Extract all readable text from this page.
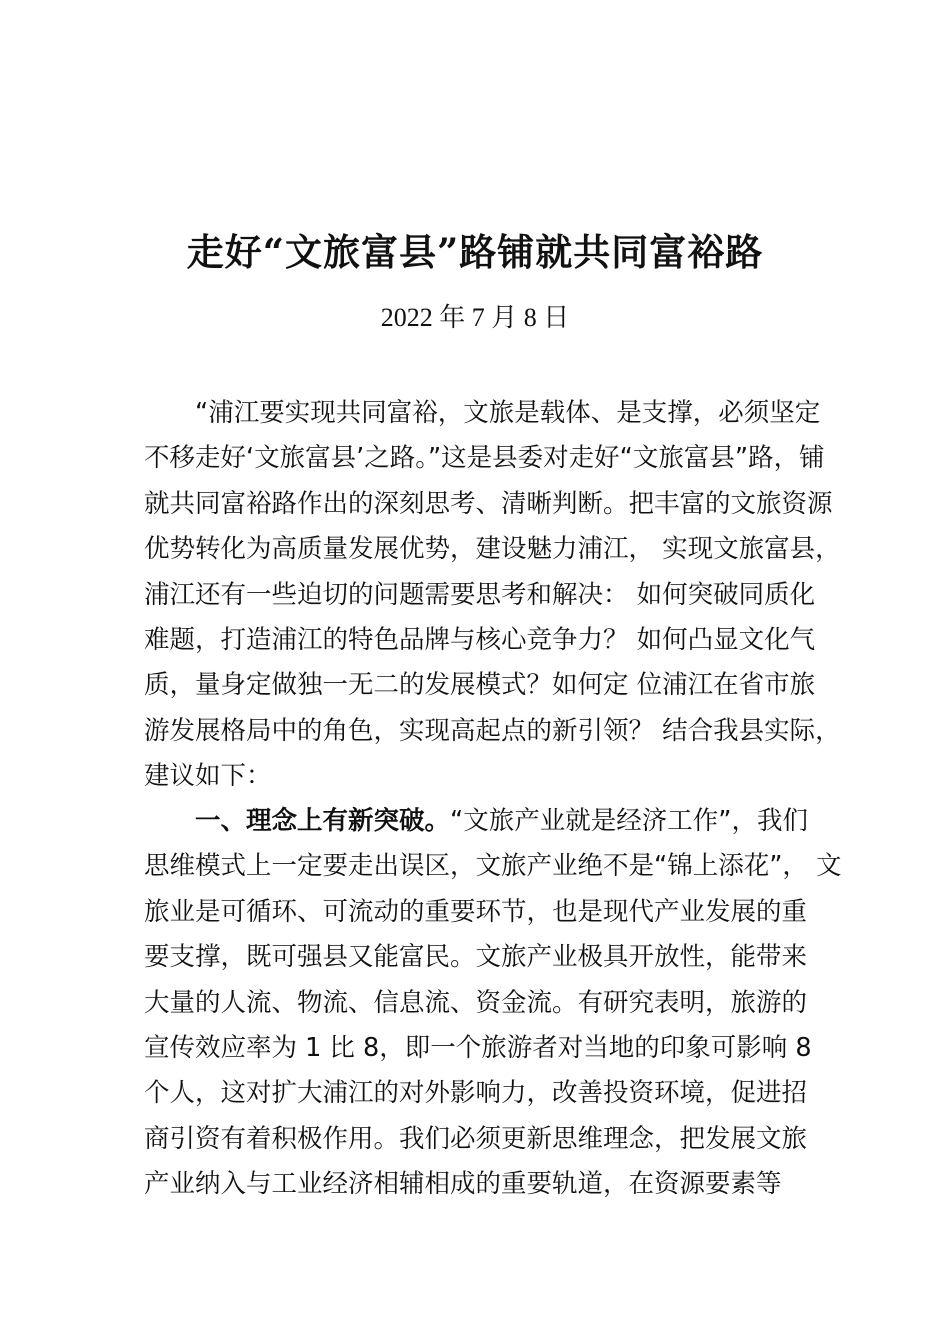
走好“文旅富县”路铺就共同富裕路
2022 年 7 月 8 日
“浦江要实现共同富裕，文旅是载体、是支撑，必须坚定
不移走好‘文旅富县’之路。”这是县委对走好“文旅富县”路，铺
就共同富裕路作出的深刻思考、清晰判断。把丰富的文旅资源
优势转化为高质量发展优势，建设魅力浦江， 实现文旅富县，
浦江还有一些迫切的问题需要思考和解决： 如何突破同质化
难题，打造浦江的特色品牌与核心竞争力？ 如何凸显文化气
质，量身定做独一无二的发展模式？如何定 位浦江在省市旅
游发展格局中的角色，实现高起点的新引领？ 结合我县实际，
建议如下：
一、理念上有新突破。“文旅产业就是经济工作”，我们
思维模式上一定要走出误区，文旅产业绝不是“锦上添花”， 文
旅业是可循环、可流动的重要环节，也是现代产业发展的重
要支撑，既可强县又能富民。文旅产业极具开放性，能带来
大量的人流、物流、信息流、资金流。有研究表明，旅游的
宣传效应率为 1 比 8，即一个旅游者对当地的印象可影响 8
个人，这对扩大浦江的对外影响力，改善投资环境，促进招
商引资有着积极作用。我们必须更新思维理念，把发展文旅
产业纳入与工业经济相辅相成的重要轨道，在资源要素等
